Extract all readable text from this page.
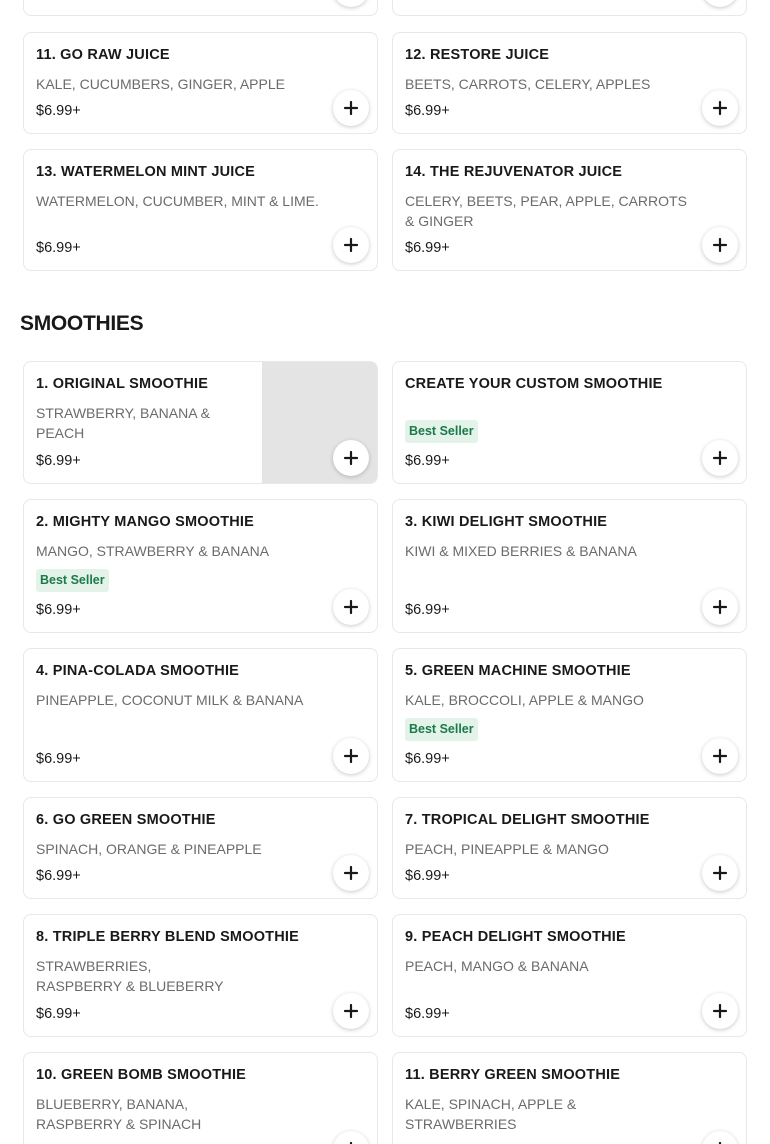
11. GO RAW JUICE
KALE, CUCUMBERS, GINGER, APPLE
$6.99+
12. RESTORE JUICE
BEETS, CARROTS, CELERY, APPLES
$6.99+
13. WATERMELON MINT JUICE
WATERMELON, CUCUMBER, MINT & LIME.
$6.99+
14. THE REJUVENATOR JUICE
CELERY, BEETS, PEAR, APPLE, CARROTS & GINGER
$6.99+
SMOOTHIES
1. ORIGINAL SMOOTHIE
STRAWBERRY, BANANA & PEACH
$6.99+
CREATE YOUR CUSTOM SMOOTHIE
Best Seller
$6.99+
2. MIGHTY MANGO SMOOTHIE
MANGO, STRAWBERRY & BANANA
Best Seller
$6.99+
3. KIWI DELIGHT SMOOTHIE
KIWI & MIXED BERRIES & BANANA
$6.99+
4. PINA-COLADA SMOOTHIE
PINEAPPLE, COCONUT MILK & BANANA
$6.99+
5. GREEN MACHINE SMOOTHIE
KALE, BROCCOLI, APPLE & MANGO
Best Seller
$6.99+
6. GO GREEN SMOOTHIE
SPINACH, ORANGE & PINEAPPLE
$6.99+
7. TROPICAL DELIGHT SMOOTHIE
PEACH, PINEAPPLE & MANGO
$6.99+
8. TRIPLE BERRY BLEND SMOOTHIE
STRAWBERRIES, RASPBERRY & BLUEBERRY
$6.99+
9. PEACH DELIGHT SMOOTHIE
PEACH, MANGO & BANANA
$6.99+
10. GREEN BOMB SMOOTHIE
BLUEBERRY, BANANA, RASPBERRY & SPINACH
11. BERRY GREEN SMOOTHIE
KALE, SPINACH, APPLE & STRAWBERRIES
